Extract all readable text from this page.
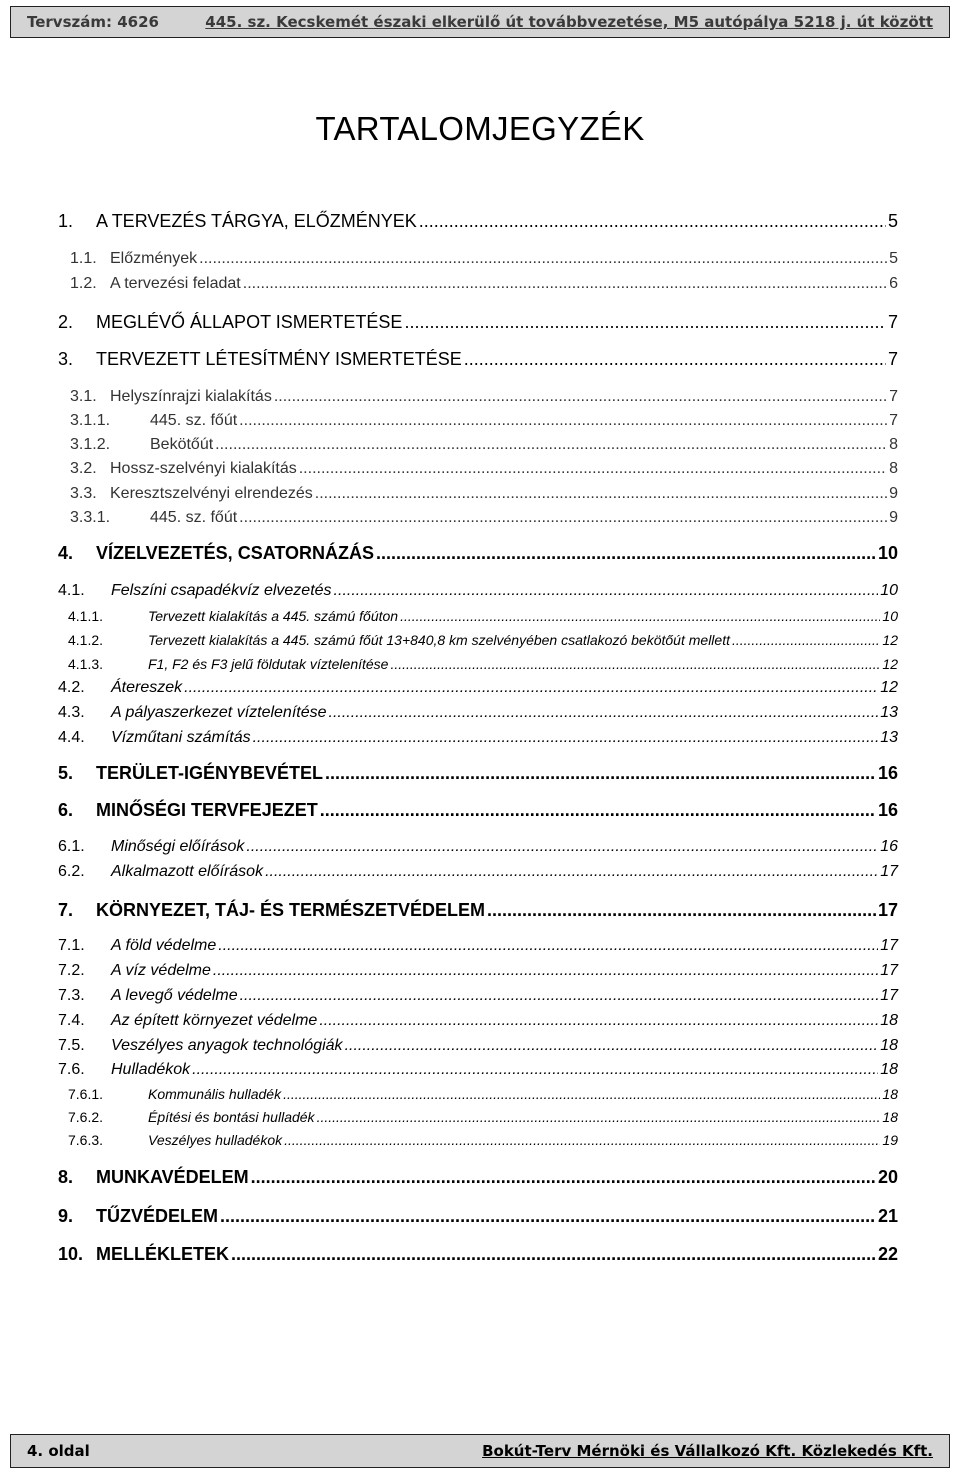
Tervszám: 4626	445. sz. Kecskemét északi elkerülő út továbbvezetése, M5 autópálya 5218 j. út között
TARTALOMJEGYZÉK
1.	A TERVEZÉS TÁRGYA, ELŐZMÉNYEK .....	5
1.1. Előzmények .....	5
1.2. A tervezési feladat .....	6
2.	MEGLÉVŐ ÁLLAPOT ISMERTETÉSE .....	7
3.	TERVEZETT LÉTESÍTMÉNY ISMERTETÉSE .....	7
3.1. Helyszínrajzi kialakítás .....	7
3.1.1.	445. sz. főút .....	7
3.1.2.	Bekötőút .....	8
3.2. Hossz-szelvényi kialakítás .....	8
3.3. Keresztszelvényi elrendezés .....	9
3.3.1.	445. sz. főút .....	9
4.	VÍZELVEZETÉS, CSATORNÁZÁS .....	10
4.1.	Felszíni csapadékvíz elvezetés .....	10
4.1.1.	Tervezett kialakítás a 445. számú főúton .....	10
4.1.2.	Tervezett kialakítás a 445. számú főút 13+840,8 km szelvényében csatlakozó bekötőút mellett .....	12
4.1.3.	F1, F2 és F3 jelű földutak víztelenítése .....	12
4.2.	Átereszek .....	12
4.3.	A pályaszerkezet víztelenítése .....	13
4.4.	Vízműtani számítás .....	13
5.	TERÜLET-IGÉNYBEVÉTEL .....	16
6.	MINŐSÉGI TERVFEJEZET .....	16
6.1.	Minőségi előírások .....	16
6.2.	Alkalmazott előírások .....	17
7.	KÖRNYEZET, TÁJ- ÉS TERMÉSZETVÉDELEM .....	17
7.1.	A föld védelme .....	17
7.2.	A víz védelme .....	17
7.3.	A levegő védelme .....	17
7.4.	Az épített környezet védelme .....	18
7.5.	Veszélyes anyagok technológiák .....	18
7.6.	Hulladékok .....	18
7.6.1.	Kommunális hulladék .....	18
7.6.2.	Építési és bontási hulladék .....	18
7.6.3.	Veszélyes hulladékok .....	19
8.	MUNKAVÉDELEM .....	20
9.	TŰZVÉDELEM .....	21
10. MELLÉKLETEK .....	22
4. oldal	Bokút-Terv Mérnöki és Vállalkozó Kft. Közlekedés Kft.
